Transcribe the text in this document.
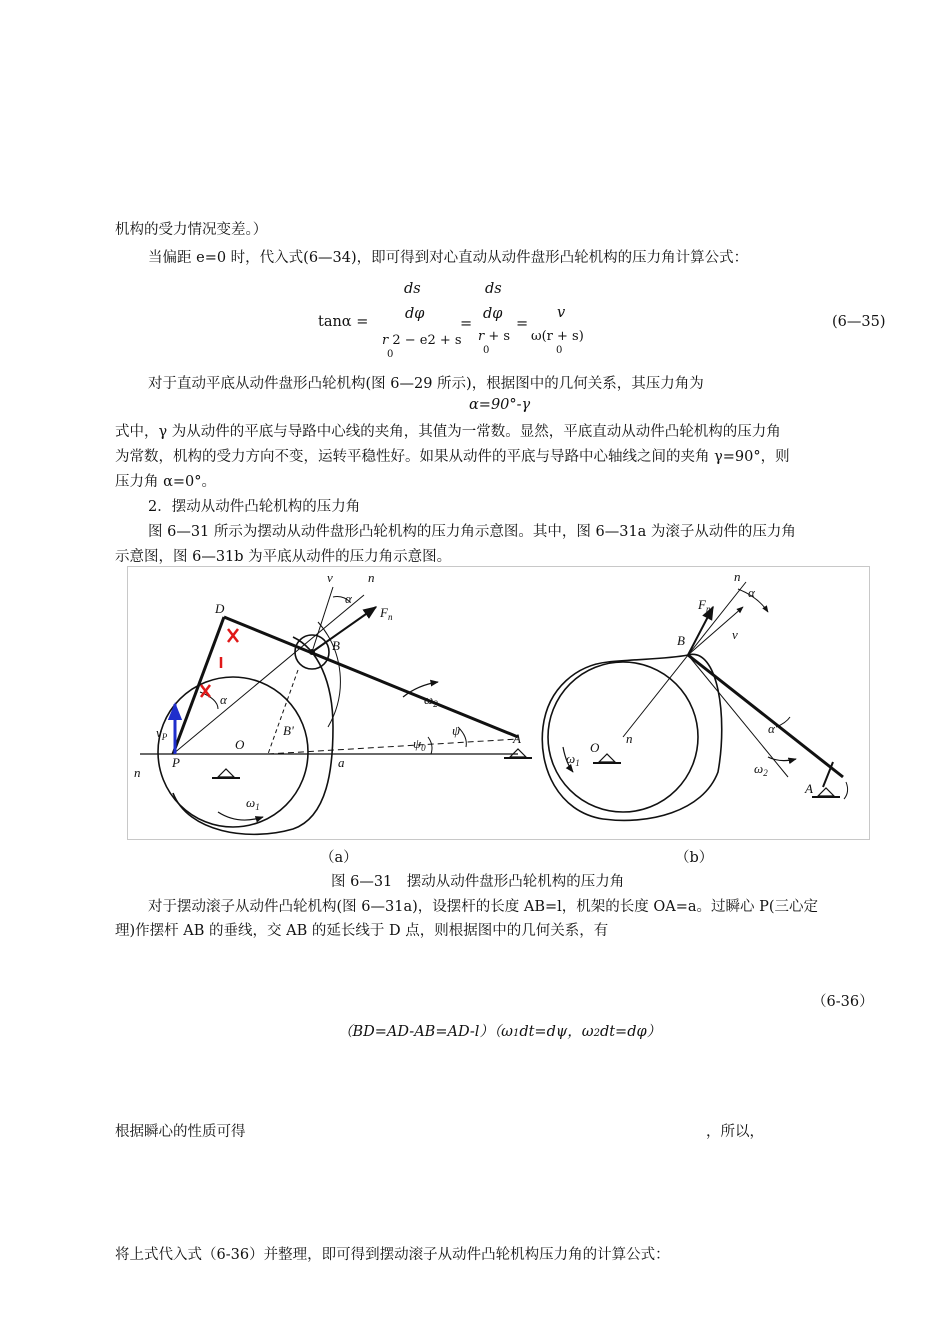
机构的受力情况变差。）
当偏距 e=0 时，代入式(6—34)，即可得到对心直动从动件盘形凸轮机构的压力角计算公式：
tanα =
ds
dφ
r 2 − e2 + s
0
=
ds
dφ
r + s
0
=
v
ω(r + s)
0
(6—35)
对于直动平底从动件盘形凸轮机构(图 6—29 所示)，根据图中的几何关系，其压力角为
α=90°-γ
式中，γ 为从动件的平底与导路中心线的夹角，其值为一常数。显然，平底直动从动件凸轮机构的压力角
为常数，机构的受力方向不变，运转平稳性好。如果从动件的平底与导路中心轴线之间的夹角 γ=90°，则
压力角 α=0°。
2．摆动从动件凸轮机构的压力角
图 6—31 所示为摆动从动件盘形凸轮机构的压力角示意图。其中，图 6—31a 为滚子从动件的压力角
示意图，图 6—31b 为平底从动件的压力角示意图。
D
v	n
α
$F_n$
B
$\omega_2$
ψ
$\psi_0$
A
B'
α
$v_P$
P
O
a
n
$\omega_1$
n
α
$F_n$
B	v
O
n
$\omega_1$
α
$\omega_2$
A
（a）	（b）
图 6—31　摆动从动件盘形凸轮机构的压力角
对于摆动滚子从动件凸轮机构(图 6—31a)，设摆杆的长度 AB=l，机架的长度 OA=a。过瞬心 P(三心定
理)作摆杆 AB 的垂线，交 AB 的延长线于 D 点，则根据图中的几何关系，有
（6-36）
（BD=AD-AB=AD-l）（ω1dt=dψ，ω2dt=dφ）
根据瞬心的性质可得	，所以，
将上式代入式（6-36）并整理，即可得到摆动滚子从动件凸轮机构压力角的计算公式：
